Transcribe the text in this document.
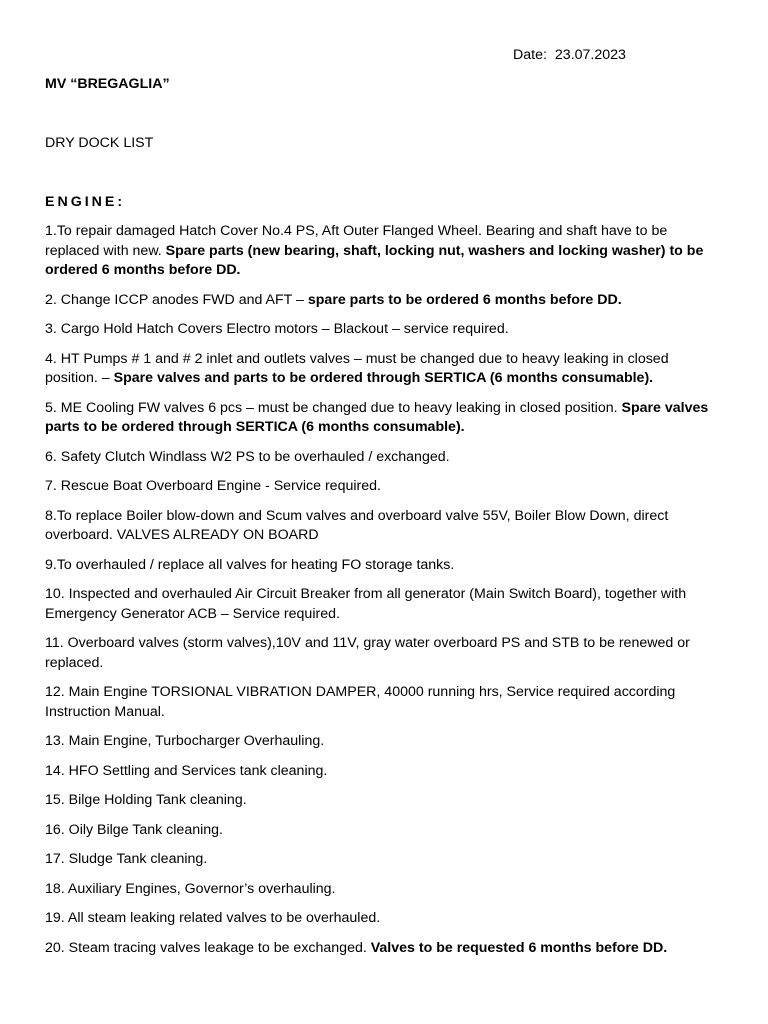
Date: 23.07.2023
MV “BREGAGLIA”
DRY DOCK LIST
ENGINE:
1.To repair damaged Hatch Cover No.4 PS, Aft Outer Flanged Wheel. Bearing and shaft have to be replaced with new. Spare parts (new bearing, shaft, locking nut, washers and locking washer) to be ordered 6 months before DD.
2. Change ICCP anodes FWD and AFT – spare parts to be ordered 6 months before DD.
3. Cargo Hold Hatch Covers Electro motors – Blackout – service required.
4. HT Pumps # 1 and # 2 inlet and outlets valves – must be changed due to heavy leaking in closed position. – Spare valves and parts to be ordered through SERTICA (6 months consumable).
5. ME Cooling FW valves 6 pcs – must be changed due to heavy leaking in closed position. Spare valves parts to be ordered through SERTICA (6 months consumable).
6. Safety Clutch Windlass W2 PS to be overhauled / exchanged.
7. Rescue Boat Overboard Engine - Service required.
8.To replace Boiler blow-down and Scum valves and overboard valve 55V, Boiler Blow Down, direct overboard. VALVES ALREADY ON BOARD
9.To overhauled / replace all valves for heating FO storage tanks.
10. Inspected and overhauled Air Circuit Breaker from all generator (Main Switch Board), together with Emergency Generator ACB – Service required.
11. Overboard valves (storm valves),10V and 11V, gray water overboard PS and STB to be renewed or replaced.
12. Main Engine TORSIONAL VIBRATION DAMPER, 40000 running hrs, Service required according Instruction Manual.
13. Main Engine, Turbocharger Overhauling.
14. HFO Settling and Services tank cleaning.
15. Bilge Holding Tank cleaning.
16. Oily Bilge Tank cleaning.
17. Sludge Tank cleaning.
18. Auxiliary Engines, Governor’s overhauling.
19. All steam leaking related valves to be overhauled.
20. Steam tracing valves leakage to be exchanged. Valves to be requested 6 months before DD.
